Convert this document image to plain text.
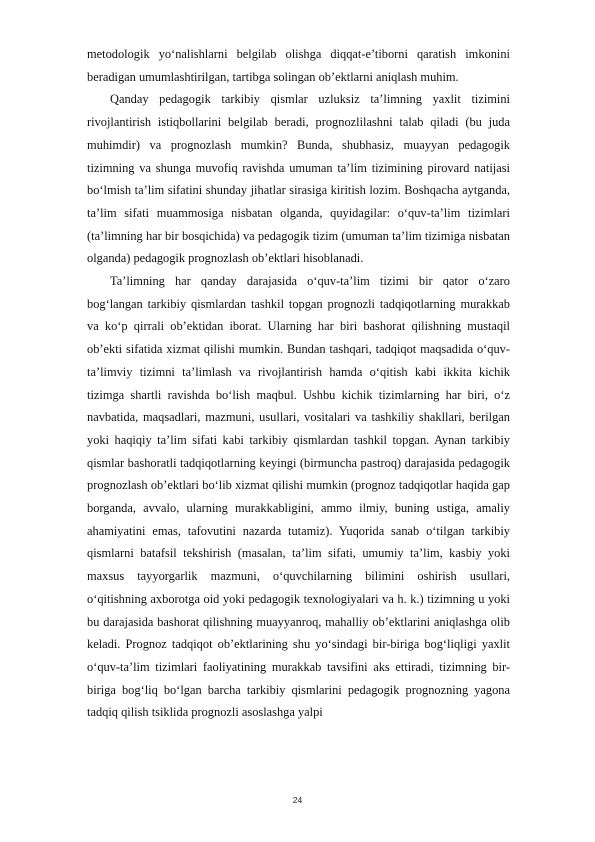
metodologik yo‘nalishlarni belgilab olishga diqqat-e’tiborni qaratish imkonini beradigan umumlashtirilgan, tartibga solingan ob’ektlarni aniqlash muhim.

Qanday pedagogik tarkibiy qismlar uzluksiz ta’limning yaxlit tizimini rivojlantirish istiqbollarini belgilab beradi, prognozlilashni talab qiladi (bu juda muhimdir) va prognozlash mumkin? Bunda, shubhasiz, muayyan pedagogik tizimning va shunga muvofiq ravishda umuman ta’lim tizimining pirovard natijasi bo‘lmish ta’lim sifatini shunday jihatlar sirasiga kiritish lozim. Boshqacha aytganda, ta’lim sifati muammosiga nisbatan olganda, quyidagilar: o‘quv-ta’lim tizimlari (ta’limning har bir bosqichida) va pedagogik tizim (umuman ta’lim tizimiga nisbatan olganda) pedagogik prognozlash ob’ektlari hisoblanadi.

Ta’limning har qanday darajasida o‘quv-ta’lim tizimi bir qator o‘zaro bog‘langan tarkibiy qismlardan tashkil topgan prognozli tadqiqotlarning murakkab va ko‘p qirrali ob’ektidan iborat. Ularning har biri bashorat qilishning mustaqil ob’ekti sifatida xizmat qilishi mumkin. Bundan tashqari, tadqiqot maqsadida o‘quv-ta’limviy tizimni ta’limlash va rivojlantirish hamda o‘qitish kabi ikkita kichik tizimga shartli ravishda bo‘lish maqbul. Ushbu kichik tizimlarning har biri, o‘z navbatida, maqsadlari, mazmuni, usullari, vositalari va tashkiliy shakllari, berilgan yoki haqiqiy ta’lim sifati kabi tarkibiy qismlardan tashkil topgan. Aynan tarkibiy qismlar bashoratli tadqiqotlarning keyingi (birmuncha pastroq) darajasida pedagogik prognozlash ob’ektlari bo‘lib xizmat qilishi mumkin (prognoz tadqiqotlar haqida gap borganda, avvalo, ularning murakkabligini, ammo ilmiy, buning ustiga, amaliy ahamiyatini emas, tafovutini nazarda tutamiz). Yuqorida sanab o‘tilgan tarkibiy qismlarni batafsil tekshirish (masalan, ta’lim sifati, umumiy ta’lim, kasbiy yoki maxsus tayyorgarlik mazmuni, o‘quvchilarning bilimini oshirish usullari, o‘qitishning axborotga oid yoki pedagogik texnologiyalari va h. k.) tizimning u yoki bu darajasida bashorat qilishning muayyanroq, mahalliy ob’ektlarini aniqlashga olib keladi. Prognoz tadqiqot ob’ektlarining shu yo‘sindagi bir-biriga bog‘liqligi yaxlit o‘quv-ta’lim tizimlari faoliyatining murakkab tavsifini aks ettiradi, tizimning bir-biriga bog‘liq bo‘lgan barcha tarkibiy qismlarini pedagogik prognozning yagona tadqiq qilish tsiklida prognozli asoslashga yalpi

24
